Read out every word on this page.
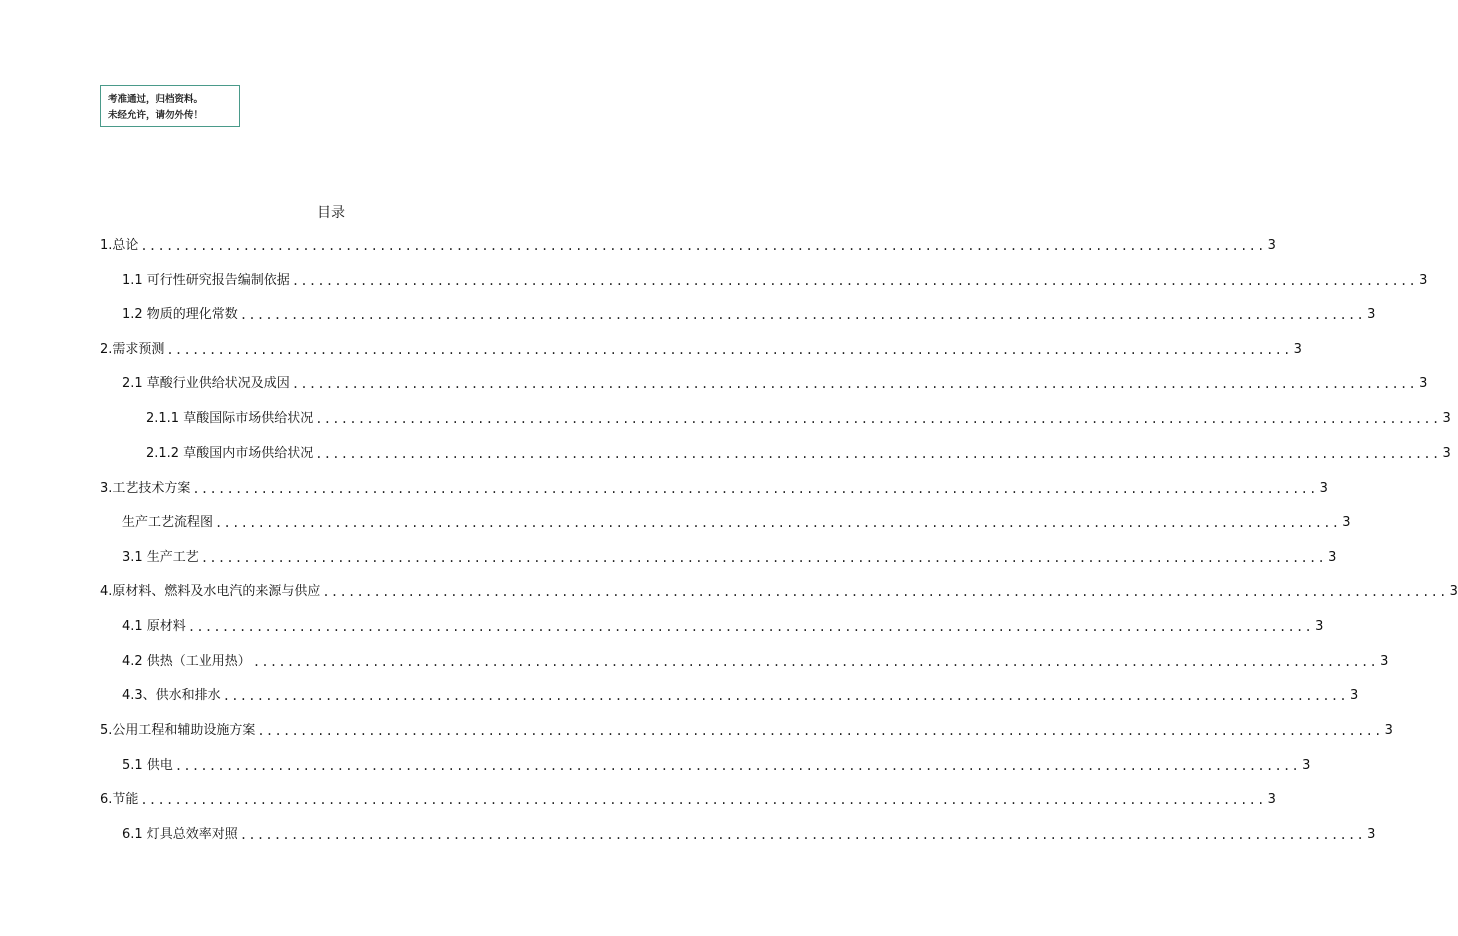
考准通过，归档资料。
未经允许，请勿外传！
目录
1.总论 .................................................................................................................................... 3
1.1 可行性研究报告编制依据 .................................................................................................................................... 3
1.2 物质的理化常数 .................................................................................................................................... 3
2.需求预测 .................................................................................................................................... 3
2.1 草酸行业供给状况及成因 .................................................................................................................................... 3
2.1.1 草酸国际市场供给状况 .................................................................................................................................... 3
2.1.2 草酸国内市场供给状况 .................................................................................................................................... 3
3.工艺技术方案 .................................................................................................................................... 3
生产工艺流程图 .................................................................................................................................... 3
3.1 生产工艺 .................................................................................................................................... 3
4.原材料、燃料及水电汽的来源与供应 .................................................................................................................................... 3
4.1 原材料 .................................................................................................................................... 3
4.2 供热（工业用热） .................................................................................................................................... 3
4.3、供水和排水 .................................................................................................................................... 3
5.公用工程和辅助设施方案 .................................................................................................................................... 3
5.1 供电 .................................................................................................................................... 3
6.节能 .................................................................................................................................... 3
6.1 灯具总效率对照 .................................................................................................................................... 3
